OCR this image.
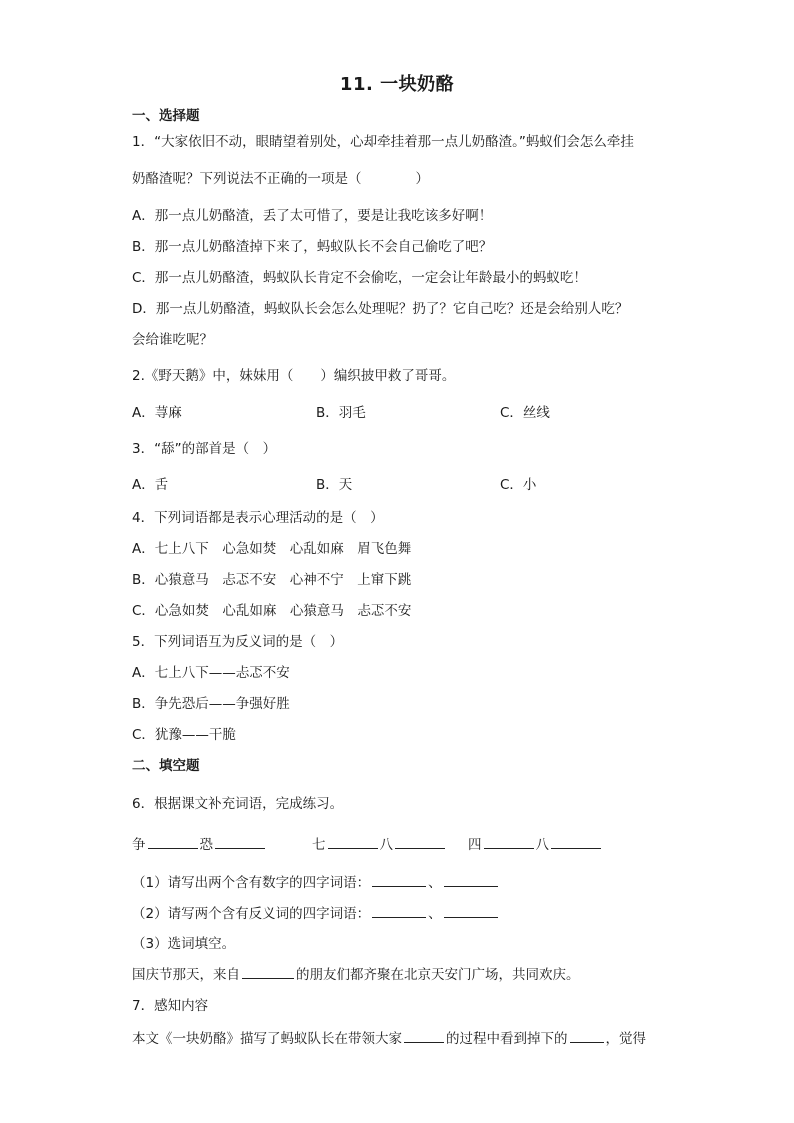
11. 一块奶酪
一、选择题
1．“大家依旧不动，眼睛望着别处，心却牵挂着那一点儿奶酪渣。”蚂蚁们会怎么牵挂
奶酪渣呢？下列说法不正确的一项是（　　　　）
A．那一点儿奶酪渣，丢了太可惜了，要是让我吃该多好啊！
B．那一点儿奶酪渣掉下来了，蚂蚁队长不会自己偷吃了吧？
C．那一点儿奶酪渣，蚂蚁队长肯定不会偷吃，一定会让年龄最小的蚂蚁吃！
D．那一点儿奶酪渣，蚂蚁队长会怎么处理呢？扔了？它自己吃？还是会给别人吃？
会给谁吃呢？
2.《野天鹅》中，妹妹用（　　）编织披甲救了哥哥。
A．荨麻	B．羽毛	C．丝线
3．“舔”的部首是（　）
A．舌	B．天	C．小
4．下列词语都是表示心理活动的是（　）
A．七上八下　心急如焚　心乱如麻　眉飞色舞
B．心猿意马　忐忑不安　心神不宁　上窜下跳
C．心急如焚　心乱如麻　心猿意马　忐忑不安
5．下列词语互为反义词的是（　）
A．七上八下——忐忑不安
B．争先恐后——争强好胜
C．犹豫——干脆
二、填空题
6．根据课文补充词语，完成练习。
争	恐	七	八	四	八
（1）请写出两个含有数字的四字词语：	、
（2）请写两个含有反义词的四字词语：	、
（3）选词填空。
国庆节那天，来自	的朋友们都齐聚在北京天安门广场，共同欢庆。
7．感知内容
本文《一块奶酪》描写了蚂蚁队长在带领大家	的过程中看到掉下的	，觉得
